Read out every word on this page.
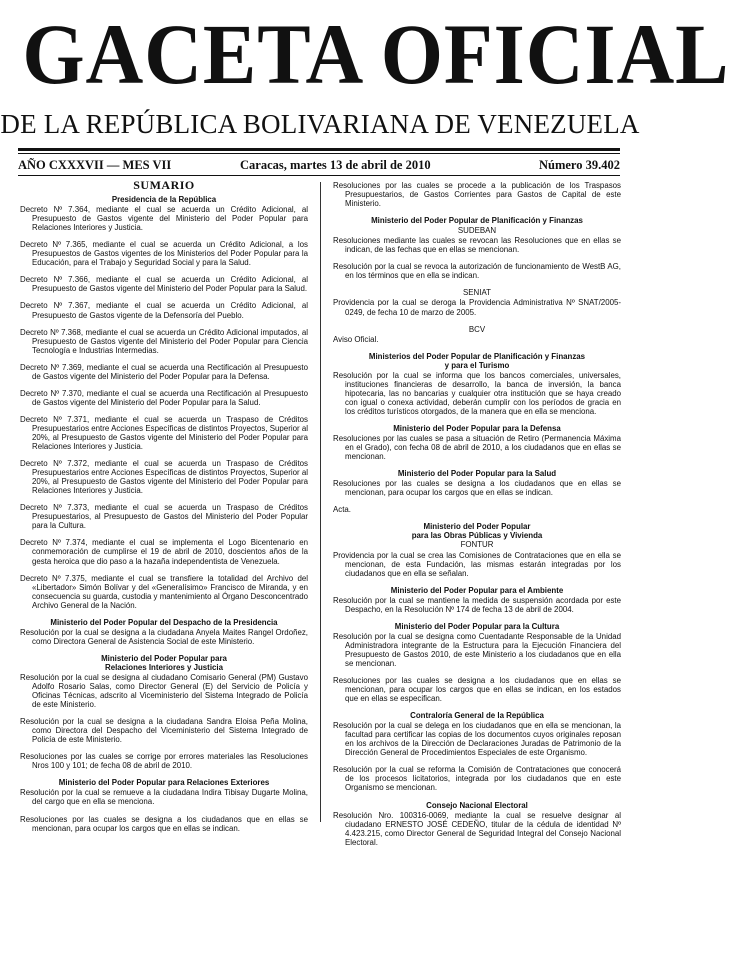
GACETA OFICIAL
DE LA REPÚBLICA BOLIVARIANA DE VENEZUELA
AÑO CXXXVII — MES VII	Caracas, martes 13 de abril de 2010	Número 39.402
SUMARIO
Presidencia de la República

Decreto Nº 7.364, mediante el cual se acuerda un Crédito Adicional, al Presupuesto de Gastos vigente del Ministerio del Poder Popular para Relaciones Interiores y Justicia.

Decreto Nº 7.365, mediante el cual se acuerda un Crédito Adicional, a los Presupuestos de Gastos vigentes de los Ministerios del Poder Popular para la Educación, para el Trabajo y Seguridad Social y para la Salud.

Decreto Nº 7.366, mediante el cual se acuerda un Crédito Adicional, al Presupuesto de Gastos vigente del Ministerio del Poder Popular para la Salud.

Decreto Nº 7.367, mediante el cual se acuerda un Crédito Adicional, al Presupuesto de Gastos vigente de la Defensoría del Pueblo.

Decreto Nº 7.368, mediante el cual se acuerda un Crédito Adicional imputados, al Presupuesto de Gastos vigente del Ministerio del Poder Popular para Ciencia Tecnología e Industrias Intermedias.

Decreto Nº 7.369, mediante el cual se acuerda una Rectificación al Presupuesto de Gastos vigente del Ministerio del Poder Popular para la Defensa.

Decreto Nº 7.370, mediante el cual se acuerda una Rectificación al Presupuesto de Gastos vigente del Ministerio del Poder Popular para la Salud.

Decreto Nº 7.371, mediante el cual se acuerda un Traspaso de Créditos Presupuestarios entre Acciones Específicas de distintos Proyectos, Superior al 20%, al Presupuesto de Gastos vigente del Ministerio del Poder Popular para Relaciones Interiores y Justicia.

Decreto Nº 7.372, mediante el cual se acuerda un Traspaso de Créditos Presupuestarios entre Acciones Específicas de distintos Proyectos, Superior al 20%, al Presupuesto de Gastos vigente del Ministerio del Poder Popular para Relaciones Interiores y Justicia.

Decreto Nº 7.373, mediante el cual se acuerda un Traspaso de Créditos Presupuestarios, al Presupuesto de Gastos del Ministerio del Poder Popular para la Cultura.

Decreto Nº 7.374, mediante el cual se implementa el Logo Bicentenario en conmemoración de cumplirse el 19 de abril de 2010, doscientos años de la gesta heroica que dio paso a la hazaña independentista de Venezuela.

Decreto Nº 7.375, mediante el cual se transfiere la totalidad del Archivo del «Libertador» Simón Bolívar y del «Generalísimo» Francisco de Miranda, y en consecuencia su guarda, custodia y mantenimiento al Órgano Desconcentrado Archivo General de la Nación.

Ministerio del Poder Popular del Despacho de la Presidencia

Resolución por la cual se designa a la ciudadana Anyela Maites Rangel Ordoñez, como Directora General de Asistencia Social de este Ministerio.

Ministerio del Poder Popular para
Relaciones Interiores y Justicia

Resolución por la cual se designa al ciudadano Comisario General (PM) Gustavo Adolfo Rosario Salas, como Director General (E) del Servicio de Policía y Oficinas Técnicas, adscrito al Viceministerio del Sistema Integrado de Policía de este Ministerio.

Resolución por la cual se designa a la ciudadana Sandra Eloisa Peña Molina, como Directora del Despacho del Viceministerio del Sistema Integrado de Policía de este Ministerio.

Resoluciones por las cuales se corrige por errores materiales las Resoluciones Nros 100 y 101; de fecha 08 de abril de 2010.

Ministerio del Poder Popular para Relaciones Exteriores

Resolución por la cual se remueve a la ciudadana Indira Tibisay Dugarte Molina, del cargo que en ella se menciona.

Resoluciones por las cuales se designa a los ciudadanos que en ellas se mencionan, para ocupar los cargos que en ellas se indican.

Resoluciones por las cuales se procede a la publicación de los Traspasos Presupuestarios, de Gastos Corrientes para Gastos de Capital de este Ministerio.

Ministerio del Poder Popular de Planificación y Finanzas
SUDEBAN

Resoluciones mediante las cuales se revocan las Resoluciones que en ellas se indican, de las fechas que en ellas se mencionan.

Resolución por la cual se revoca la autorización de funcionamiento de WestB AG, en los términos que en ella se indican.

SENIAT

Providencia por la cual se deroga la Providencia Administrativa Nº SNAT/2005-0249, de fecha 10 de marzo de 2005.

BCV

Aviso Oficial.

Ministerios del Poder Popular de Planificación y Finanzas
y para el Turismo

Resolución por la cual se informa que los bancos comerciales, universales, instituciones financieras de desarrollo, la banca de inversión, la banca hipotecaria, las no bancarias y cualquier otra institución que se haya creado con igual o conexa actividad, deberán cumplir con los períodos de gracia en los créditos turísticos otorgados, de la manera que en ella se menciona.

Ministerio del Poder Popular para la Defensa

Resoluciones por las cuales se pasa a situación de Retiro (Permanencia Máxima en el Grado), con fecha 08 de abril de 2010, a los ciudadanos que en ellas se mencionan.

Ministerio del Poder Popular para la Salud

Resoluciones por las cuales se designa a los ciudadanos que en ellas se mencionan, para ocupar los cargos que en ellas se indican.

Acta.

Ministerio del Poder Popular
para las Obras Públicas y Vivienda
FONTUR

Providencia por la cual se crea las Comisiones de Contrataciones que en ella se mencionan, de esta Fundación, las mismas estarán integradas por los ciudadanos que en ella se señalan.

Ministerio del Poder Popular para el Ambiente

Resolución por la cual se mantiene la medida de suspensión acordada por este Despacho, en la Resolución Nº 174 de fecha 13 de abril de 2004.

Ministerio del Poder Popular para la Cultura

Resolución por la cual se designa como Cuentadante Responsable de la Unidad Administradora integrante de la Estructura para la Ejecución Financiera del Presupuesto de Gastos 2010, de este Ministerio a los ciudadanos que en ella se mencionan.

Resoluciones por las cuales se designa a los ciudadanos que en ellas se mencionan, para ocupar los cargos que en ellas se indican, en los estados que en ellas se especifican.

Contraloría General de la República

Resolución por la cual se delega en los ciudadanos que en ella se mencionan, la facultad para certificar las copias de los documentos cuyos originales reposan en los archivos de la Dirección de Declaraciones Juradas de Patrimonio de la Dirección General de Procedimientos Especiales de este Organismo.

Resolución por la cual se reforma la Comisión de Contrataciones que conocerá de los procesos licitatorios, integrada por los ciudadanos que en este Organismo se mencionan.

Consejo Nacional Electoral

Resolución Nro. 100316-0069, mediante la cual se resuelve designar al ciudadano ERNESTO JOSÉ CEDEÑO, titular de la cédula de identidad Nº 4.423.215, como Director General de Seguridad Integral del Consejo Nacional Electoral.
